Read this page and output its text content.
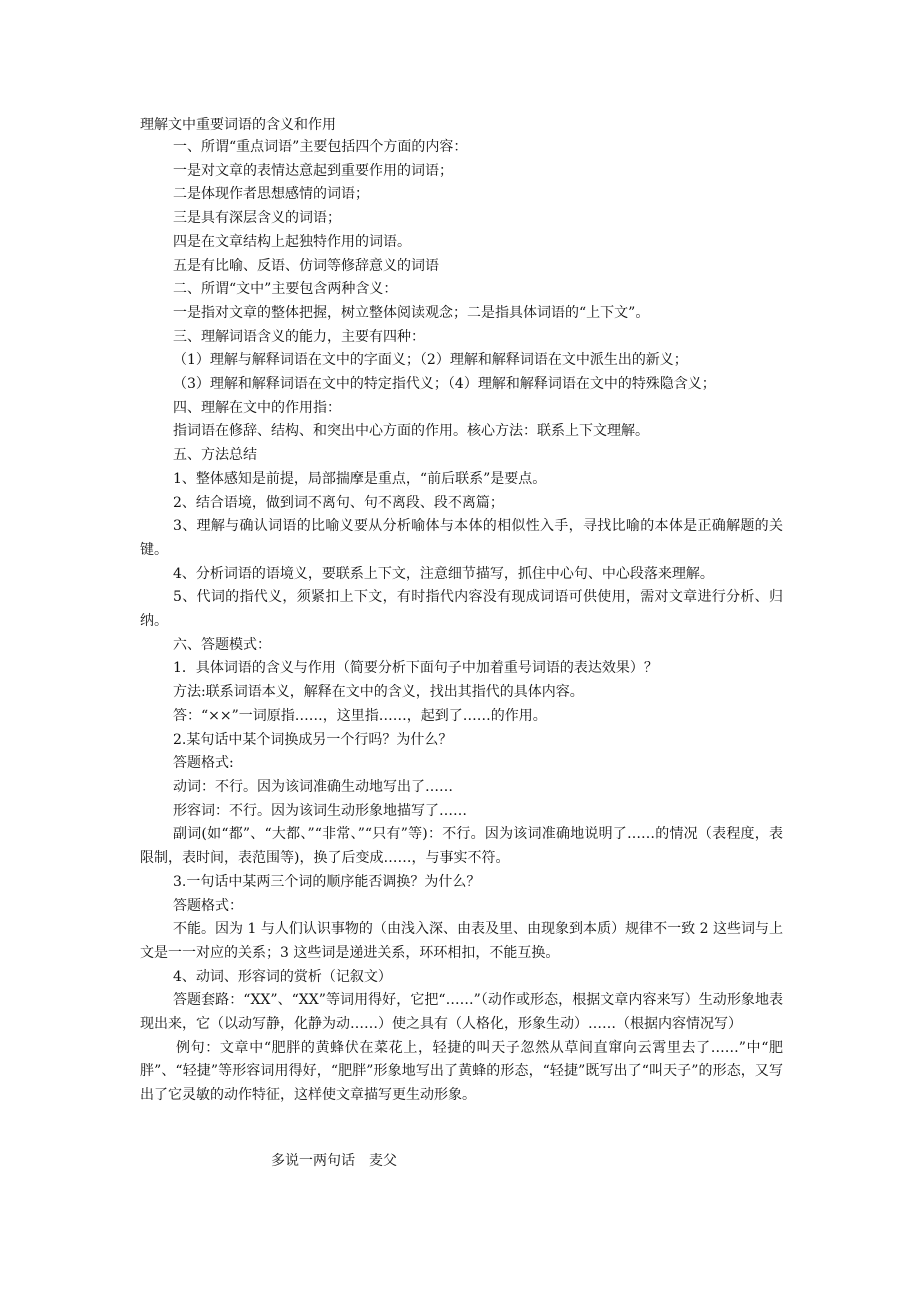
理解文中重要词语的含义和作用

一、所谓“重点词语”主要包括四个方面的内容：

一是对文章的表情达意起到重要作用的词语；

二是体现作者思想感情的词语；

三是具有深层含义的词语；

四是在文章结构上起独特作用的词语。

五是有比喻、反语、仿词等修辞意义的词语

二、所谓“文中”主要包含两种含义：

一是指对文章的整体把握，树立整体阅读观念；二是指具体词语的“上下文”。

三、理解词语含义的能力，主要有四种：

（1）理解与解释词语在文中的字面义；（2）理解和解释词语在文中派生出的新义；

（3）理解和解释词语在文中的特定指代义；（4）理解和解释词语在文中的特殊隐含义；

四、理解在文中的作用指：

指词语在修辞、结构、和突出中心方面的作用。核心方法：联系上下文理解。

五、方法总结

1、整体感知是前提，局部揣摩是重点，“前后联系”是要点。

2、结合语境，做到词不离句、句不离段、段不离篇；

3、理解与确认词语的比喻义要从分析喻体与本体的相似性入手，寻找比喻的本体是正确解题的关键。

4、分析词语的语境义，要联系上下文，注意细节描写，抓住中心句、中心段落来理解。

5、代词的指代义，须紧扣上下文，有时指代内容没有现成词语可供使用，需对文章进行分析、归纳。

六、答题模式：

1．具体词语的含义与作用（简要分析下面句子中加着重号词语的表达效果）？

方法:联系词语本义，解释在文中的含义，找出其指代的具体内容。

答：“××”一词原指……，这里指……，起到了……的作用。

2.某句话中某个词换成另一个行吗？为什么？

答题格式:

动词：不行。因为该词准确生动地写出了……

形容词：不行。因为该词生动形象地描写了……

副词(如“都”、“大都、”“非常、”“只有”等)：不行。因为该词准确地说明了……的情况（表程度，表限制，表时间，表范围等)，换了后变成……，与事实不符。

3.一句话中某两三个词的顺序能否调换？为什么？

答题格式：

不能。因为 1 与人们认识事物的（由浅入深、由表及里、由现象到本质）规律不一致 2 这些词与上文是一一对应的关系；3 这些词是递进关系，环环相扣，不能互换。

4、动词、形容词的赏析（记叙文）

答题套路：“XX”、“XX”等词用得好，它把“……”（动作或形态，根据文章内容来写）生动形象地表现出来，它（以动写静，化静为动……）使之具有（人格化，形象生动）……（根据内容情况写）

例句：文章中“肥胖的黄蜂伏在菜花上，轻捷的叫天子忽然从草间直窜向云霄里去了……”中“肥胖”、“轻捷”等形容词用得好，“肥胖”形象地写出了黄蜂的形态，“轻捷”既写出了“叫天子”的形态，又写出了它灵敏的动作特征，这样使文章描写更生动形象。

多说一两句话　麦父
